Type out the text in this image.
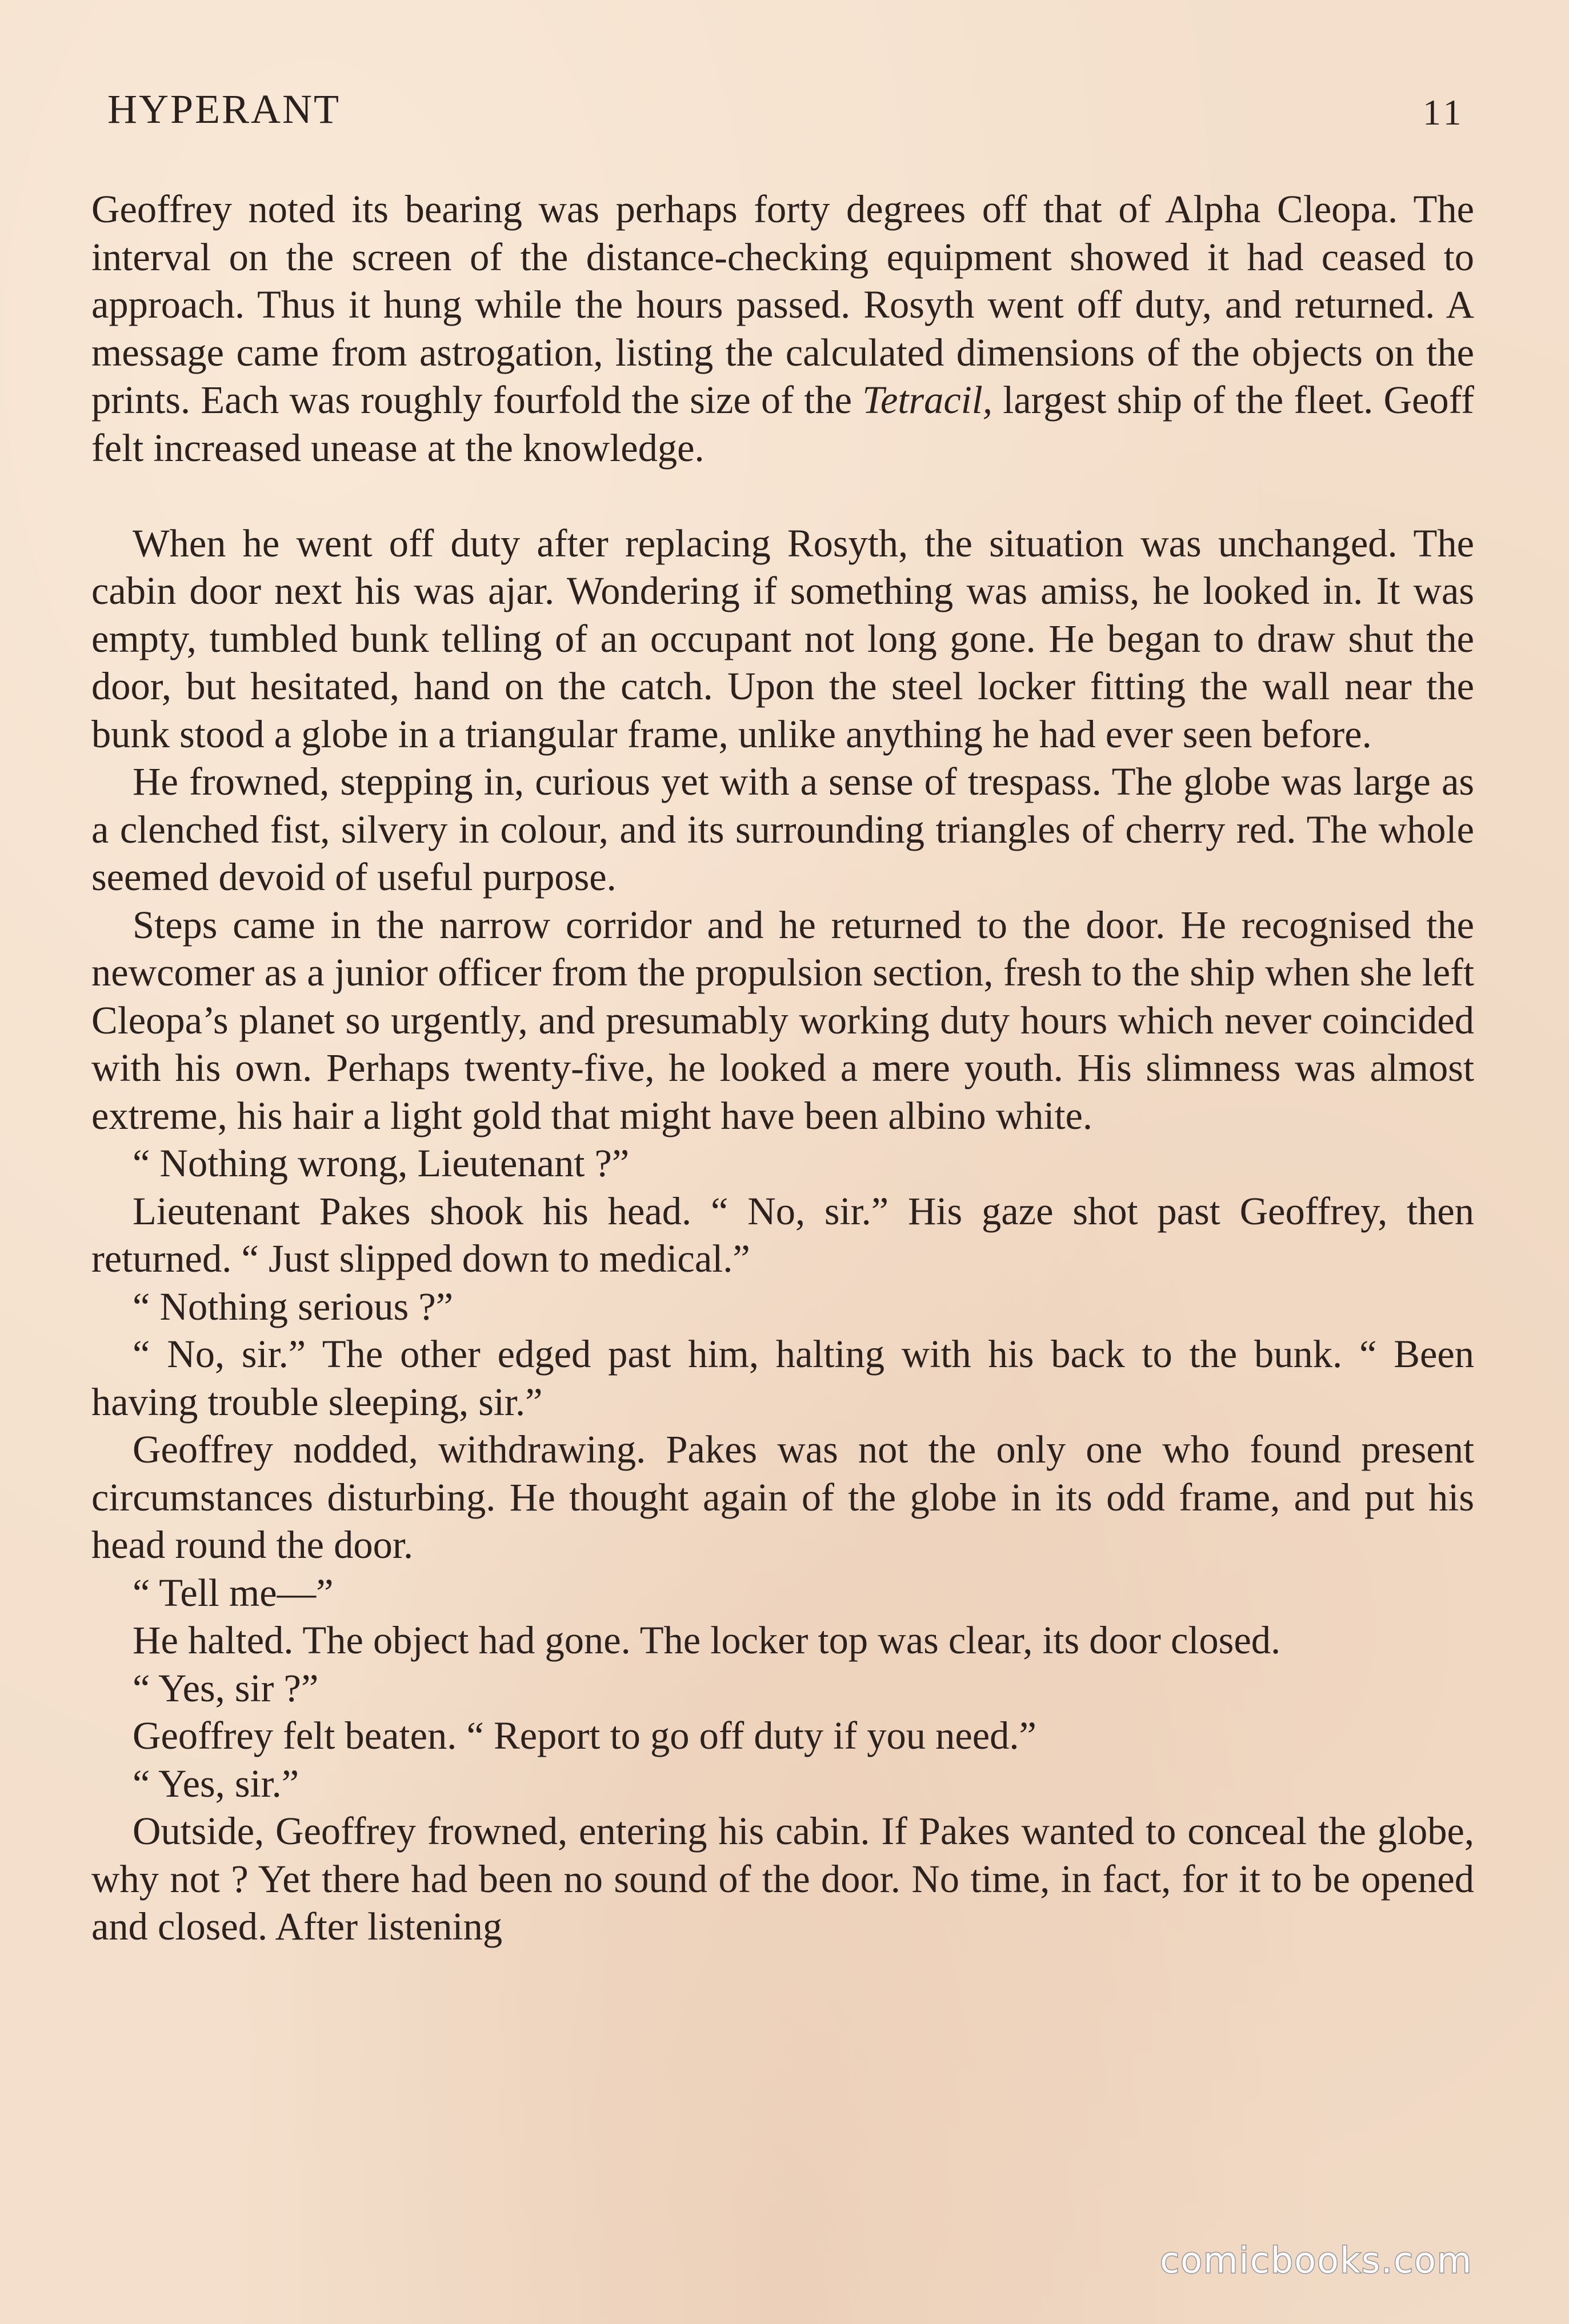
HYPERANT	11

Geoffrey noted its bearing was perhaps forty degrees off that of Alpha Cleopa. The interval on the screen of the distance-checking equipment showed it had ceased to approach. Thus it hung while the hours passed. Rosyth went off duty, and returned. A message came from astrogation, listing the calculated dimensions of the objects on the prints. Each was roughly fourfold the size of the Tetracil, largest ship of the fleet. Geoff felt increased unease at the knowledge.

When he went off duty after replacing Rosyth, the situation was unchanged. The cabin door next his was ajar. Wondering if something was amiss, he looked in. It was empty, tumbled bunk telling of an occupant not long gone. He began to draw shut the door, but hesitated, hand on the catch. Upon the steel locker fitting the wall near the bunk stood a globe in a triangular frame, unlike anything he had ever seen before.

He frowned, stepping in, curious yet with a sense of trespass. The globe was large as a clenched fist, silvery in colour, and its surrounding triangles of cherry red. The whole seemed devoid of useful purpose.

Steps came in the narrow corridor and he returned to the door. He recognised the newcomer as a junior officer from the propulsion section, fresh to the ship when she left Cleopa’s planet so urgently, and presumably working duty hours which never coincided with his own. Perhaps twenty-five, he looked a mere youth. His slimness was almost extreme, his hair a light gold that might have been albino white.

“ Nothing wrong, Lieutenant ?”

Lieutenant Pakes shook his head. “ No, sir.” His gaze shot past Geoffrey, then returned. “ Just slipped down to medical.”

“ Nothing serious ?”

“ No, sir.” The other edged past him, halting with his back to the bunk. “ Been having trouble sleeping, sir.”

Geoffrey nodded, withdrawing. Pakes was not the only one who found present circumstances disturbing. He thought again of the globe in its odd frame, and put his head round the door.

“ Tell me—”

He halted. The object had gone. The locker top was clear, its door closed.

“ Yes, sir ?”

Geoffrey felt beaten. “ Report to go off duty if you need.”

“ Yes, sir.”

Outside, Geoffrey frowned, entering his cabin. If Pakes wanted to conceal the globe, why not ? Yet there had been no sound of the door. No time, in fact, for it to be opened and closed. After listening

comicbooks.com
